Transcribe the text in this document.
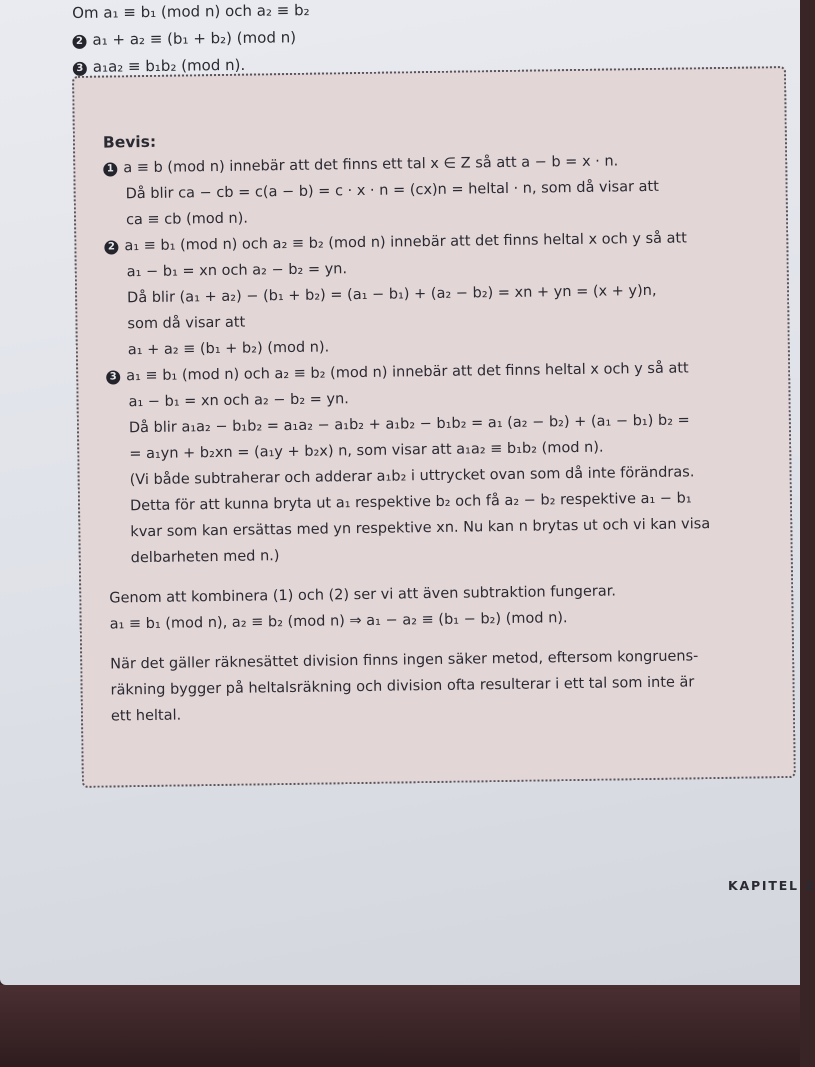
Om a₁ ≡ b₁ (mod n) och a₂ ≡ b₂
2 a₁ + a₂ ≡ (b₁ + b₂) (mod n)
3 a₁a₂ ≡ b₁b₂ (mod n).
Bevis:
1 a ≡ b (mod n) innebär att det finns ett tal x ∈ Z så att a − b = x · n.
Då blir ca − cb = c(a − b) = c · x · n = (cx)n = heltal · n, som då visar att
ca ≡ cb (mod n).
2 a₁ ≡ b₁ (mod n) och a₂ ≡ b₂ (mod n) innebär att det finns heltal x och y så att
a₁ − b₁ = xn och a₂ − b₂ = yn.
Då blir (a₁ + a₂) − (b₁ + b₂) = (a₁ − b₁) + (a₂ − b₂) = xn + yn = (x + y)n,
som då visar att
a₁ + a₂ ≡ (b₁ + b₂) (mod n).
3 a₁ ≡ b₁ (mod n) och a₂ ≡ b₂ (mod n) innebär att det finns heltal x och y så att
a₁ − b₁ = xn och a₂ − b₂ = yn.
Då blir a₁a₂ − b₁b₂ = a₁a₂ − a₁b₂ + a₁b₂ − b₁b₂ = a₁ (a₂ − b₂) + (a₁ − b₁) b₂ =
= a₁yn + b₂xn = (a₁y + b₂x) n, som visar att a₁a₂ ≡ b₁b₂ (mod n).
(Vi både subtraherar och adderar a₁b₂ i uttrycket ovan som då inte förändras.
Detta för att kunna bryta ut a₁ respektive b₂ och få a₂ − b₂ respektive a₁ − b₁
kvar som kan ersättas med yn respektive xn. Nu kan n brytas ut och vi kan visa
delbarheten med n.)
Genom att kombinera (1) och (2) ser vi att även subtraktion fungerar.
a₁ ≡ b₁ (mod n), a₂ ≡ b₂ (mod n) ⇒ a₁ − a₂ ≡ (b₁ − b₂) (mod n).
När det gäller räknesättet division finns ingen säker metod, eftersom kongruens-
räkning bygger på heltalsräkning och division ofta resulterar i ett tal som inte är
ett heltal.
KAPITEL 2
